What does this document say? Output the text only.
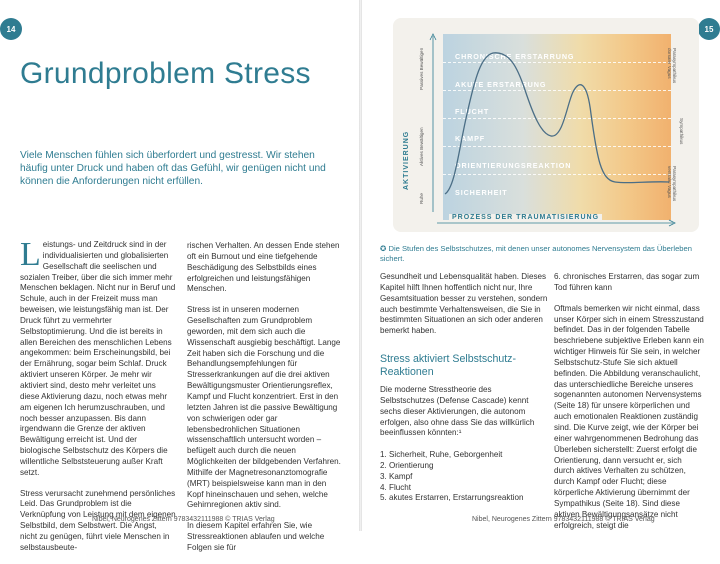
14
Grundproblem Stress
Viele Menschen fühlen sich überfordert und gestresst. Wir stehen häufig unter Druck und haben oft das Gefühl, wir genügen nicht und können die Anforderungen nicht erfüllen.

Leistungs- und Zeitdruck sind in der individualisierten und globalisierten Gesellschaft die seelischen und sozialen Treiber, über die sich immer mehr Menschen beklagen. Nicht nur in Beruf und Schule, auch in der Freizeit muss man beweisen, wie leistungsfähig man ist. Der Druck führt zu vermehrter Selbstoptimierung. Und die ist bereits in allen Bereichen des menschlichen Lebens angekommen: beim Erscheinungsbild, bei der Ernährung, sogar beim Schlaf. Druck aktiviert unseren Körper. Je mehr wir aktiviert sind, desto mehr verleitet uns diese Aktivierung dazu, noch etwas mehr am eigenen Ich herumzuschrauben, und noch besser anzupassen. Bis dann irgendwann die Grenze der aktiven Bewältigung erreicht ist. Und der biologische Selbstschutz des Körpers die willentliche Selbststeuerung außer Kraft setzt.

Stress verursacht zunehmend persönliches Leid. Das Grundproblem ist die Verknüpfung von Leistung mit dem eigenen Selbstbild, dem Selbstwert. Die Angst, nicht zu genügen, führt viele Menschen in selbstausbeute-

rischen Verhalten. An dessen Ende stehen oft ein Burnout und eine tiefgehende Beschädigung des Selbstbilds eines erfolgreichen und leistungsfähigen Menschen.

Stress ist in unseren modernen Gesellschaften zum Grundproblem geworden, mit dem sich auch die Wissenschaft ausgiebig beschäftigt. Lange Zeit haben sich die Forschung und die Behandlungsempfehlungen für Stresserkrankungen auf die drei aktiven Bewältigungsmuster Orientierungsreflex, Kampf und Flucht konzentriert. Erst in den letzten Jahren ist die passive Bewältigung von schwierigen oder gar lebensbedrohlichen Situationen wissenschaftlich untersucht worden – befügelt auch durch die neuen Möglichkeiten der bildgebenden Verfahren. Mithilfe der Magnetresonanztomografie (MRT) beispielsweise kann man in den Kopf hineinschauen und sehen, welche Gehirnregionen aktiv sind.

In diesem Kapitel erfahren Sie, wie Stressreaktionen ablaufen und welche Folgen sie für

Nibel, Neurogenes Zittern 9783432111988 © TRIAS Verlag
15
CHRONISCHE ERSTARRUNG
AKUTE ERSTARRUNG
FLUCHT
KAMPF
ORIENTIERUNGSREAKTION
SICHERHEIT
AKTIVIERUNG
PROZESS DER TRAUMATISIERUNG
Passives Bewältigen
Aktives Bewältigen
Ruhe
Parasympathikus dorsaler Vagus
Sympathikus
Parasympathikus ventraler Vagus
✪ Die Stufen des Selbstschutzes, mit denen unser autonomes Nervensystem das Überleben sichert.

Gesundheit und Lebensqualität haben. Dieses Kapitel hilft Ihnen hoffentlich nicht nur, Ihre Gesamtsituation besser zu verstehen, sondern auch bestimmte Verhaltensweisen, die Sie in bestimmten Situationen an sich oder anderen bemerkt haben.

Stress aktiviert Selbstschutz-Reaktionen

Die moderne Stresstheorie des Selbstschutzes (Defense Cascade) kennt sechs dieser Aktivierungen, die autonom erfolgen, also ohne dass Sie das willkürlich beeinflussen könnten:¹

1. Sicherheit, Ruhe, Geborgenheit
2. Orientierung
3. Kampf
4. Flucht
5. akutes Erstarren, Erstarrungsreaktion

6. chronisches Erstarren, das sogar zum Tod führen kann

Oftmals bemerken wir nicht einmal, dass unser Körper sich in einem Stresszustand befindet. Das in der folgenden Tabelle beschriebene subjektive Erleben kann ein wichtiger Hinweis für Sie sein, in welcher Selbstschutz-Stufe Sie sich aktuell befinden. Die Abbildung veranschaulicht, das unterschiedliche Bereiche unseres sogenannten autonomen Nervensystems (Seite 18) für unsere körperlichen und auch emotionalen Reaktionen zuständig sind. Die Kurve zeigt, wie der Körper bei einer wahrgenommenen Bedrohung das Überleben sicherstellt: Zuerst erfolgt die Orientierung, dann versucht er, sich durch aktives Verhalten zu schützen, durch Kampf oder Flucht; diese körperliche Aktivierung übernimmt der Sympathikus (Seite 18). Sind diese aktiven Bewältigungsansätze nicht erfolgreich, steigt die

Nibel, Neurogenes Zittern 9783432111988 © TRIAS Verlag
